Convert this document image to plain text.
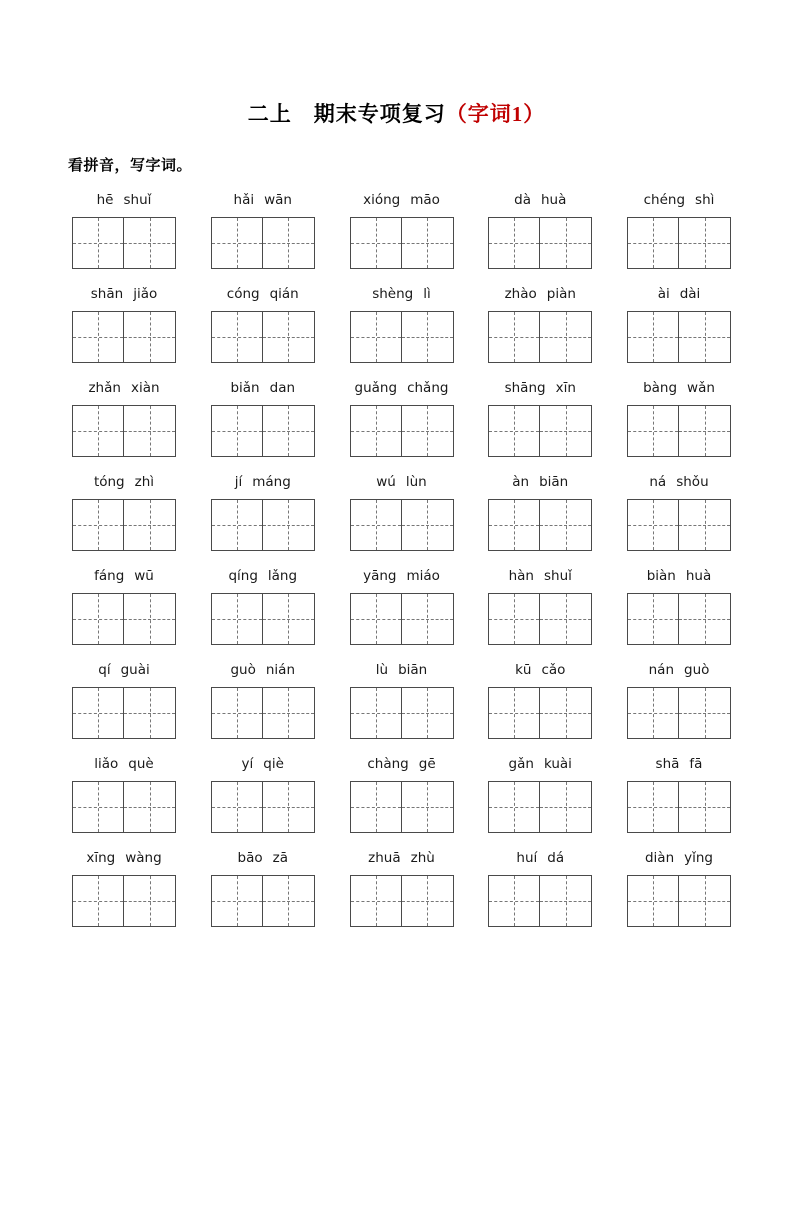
二上　期末专项复习（字词1）
看拼音，写字词。
hē shuǐ	hǎi wān	xióng māo	dà huà	chéng shì
shān jiǎo	cóng qián	shèng lì	zhào piàn	ài dài
zhǎn xiàn	biǎn dan	guǎng chǎng	shāng xīn	bàng wǎn
tóng zhì	jí máng	wú lùn	àn biān	ná shǒu
fáng wū	qíng lǎng	yāng miáo	hàn shuǐ	biàn huà
qí guài	guò nián	lù biān	kū cǎo	nán guò
liǎo què	yí qiè	chàng gē	gǎn kuài	shā fā
xīng wàng	bāo zā	zhuā zhù	huí dá	diàn yǐng
